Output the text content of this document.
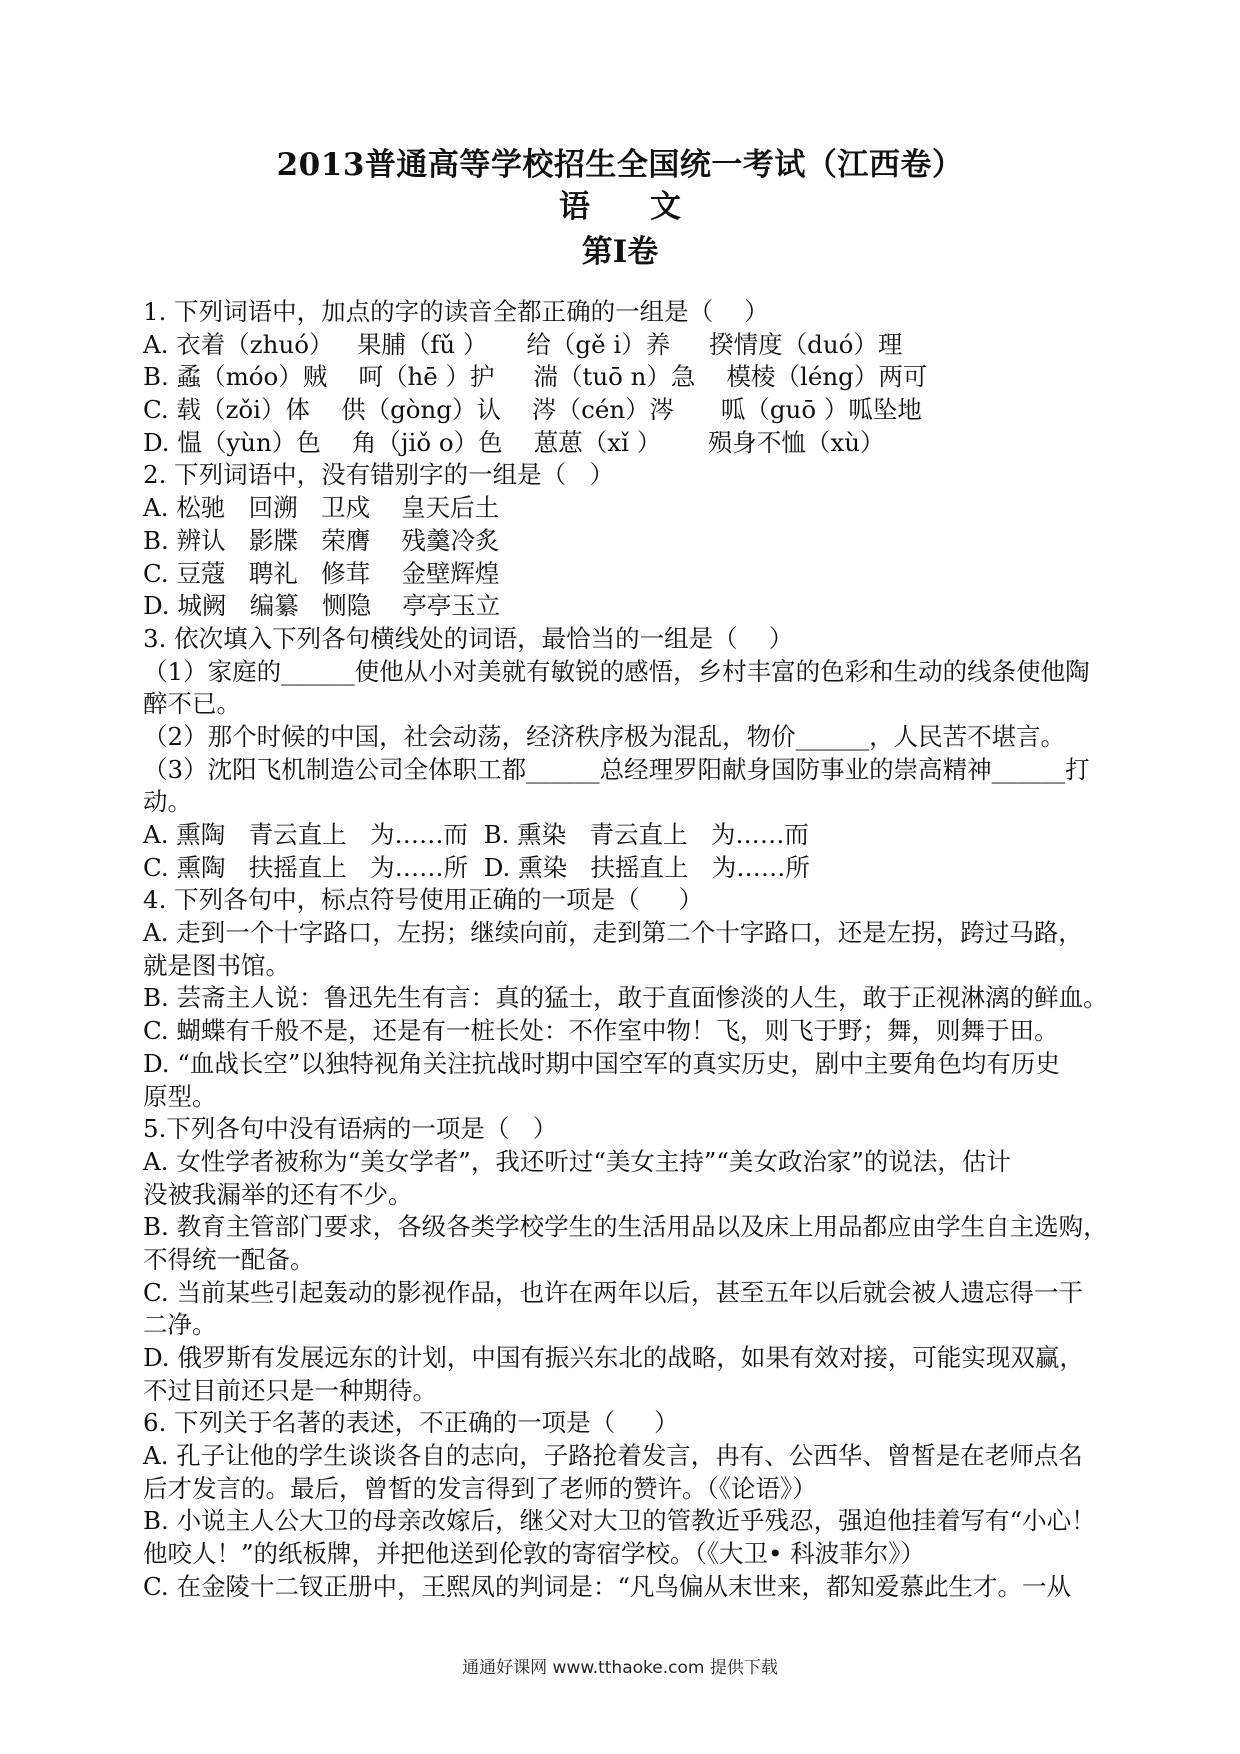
2013普通高等学校招生全国统一考试（江西卷）
语 文
第I卷
1. 下列词语中，加点的字的读音全都正确的一组是（    ）
A. 衣着（zhuó）   果脯（fǔ ）     给（gě i）养     揆情度（duó）理
B. 蟊（móo）贼    呵（hē ）护     湍（tuō n）急    模棱（léng）两可
C. 载（zǒi）体    供（gòng）认    涔（cén）涔      呱（guō ）呱坠地
D. 愠（yùn）色    角（jiǒ o）色    葸葸（xǐ ）      殒身不恤（xù）
2. 下列词语中，没有错别字的一组是（   ）
A. 松驰   回溯   卫戍    皇天后土
B. 辨认   影牒   荣膺    残羹冷炙
C. 豆蔻   聘礼   修茸    金壁辉煌
D. 城阙   编纂   恻隐    亭亭玉立
3. 依次填入下列各句横线处的词语，最恰当的一组是（    ）
（1）家庭的______使他从小对美就有敏锐的感悟，乡村丰富的色彩和生动的线条使他陶
醉不已。
（2）那个时候的中国，社会动荡，经济秩序极为混乱，物价______，人民苦不堪言。
（3）沈阳飞机制造公司全体职工都______总经理罗阳献身国防事业的崇高精神______打
动。
A. 熏陶   青云直上   为……而  B. 熏染   青云直上   为……而
C. 熏陶   扶摇直上   为……所  D. 熏染   扶摇直上   为……所
4. 下列各句中，标点符号使用正确的一项是（     ）
A. 走到一个十字路口，左拐；继续向前，走到第二个十字路口，还是左拐，跨过马路，
就是图书馆。
B. 芸斋主人说：鲁迅先生有言：真的猛士，敢于直面惨淡的人生，敢于正视淋漓的鲜血。
C. 蝴蝶有千般不是，还是有一桩长处：不作室中物！飞，则飞于野；舞，则舞于田。
D. “血战长空”以独特视角关注抗战时期中国空军的真实历史，剧中主要角色均有历史
原型。
5.下列各句中没有语病的一项是（   ）
A. 女性学者被称为“美女学者”，我还听过“美女主持”“美女政治家”的说法，估计
没被我漏举的还有不少。
B. 教育主管部门要求，各级各类学校学生的生活用品以及床上用品都应由学生自主选购，
不得统一配备。
C. 当前某些引起轰动的影视作品，也许在两年以后，甚至五年以后就会被人遗忘得一干
二净。
D. 俄罗斯有发展远东的计划，中国有振兴东北的战略，如果有效对接，可能实现双赢，
不过目前还只是一种期待。
6. 下列关于名著的表述，不正确的一项是（     ）
A. 孔子让他的学生谈谈各自的志向，子路抢着发言，冉有、公西华、曾皙是在老师点名
后才发言的。最后，曾皙的发言得到了老师的赞许。（《论语》）
B. 小说主人公大卫的母亲改嫁后，继父对大卫的管教近乎残忍，强迫他挂着写有“小心！
他咬人！”的纸板牌，并把他送到伦敦的寄宿学校。（《大卫• 科波菲尔》）
C. 在金陵十二钗正册中，王熙凤的判词是：“凡鸟偏从末世来，都知爱慕此生才。一从
通通好课网 www.tthaoke.com 提供下载
